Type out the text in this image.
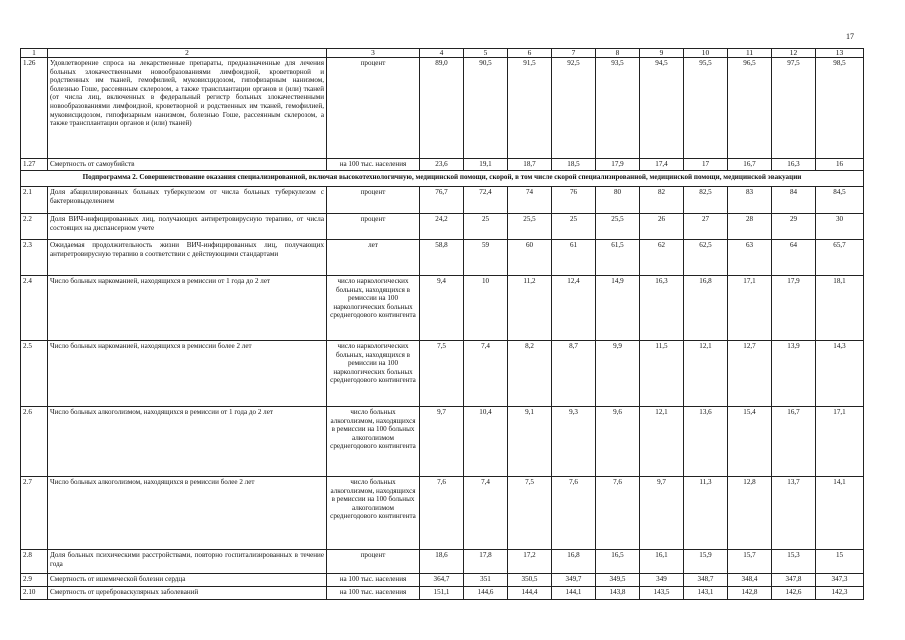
17
1	2	3	4	5	6	7	8	9	10	11	12	13
1.26	Удовлетворение спроса на лекарственные препараты, предназначенные для лечения больных злокачественными новообразованиями лимфоидной, кроветворной и родственных им тканей, гемофилией, муковисцидозом, гипофизарным нанизмом, болезнью Гоше, рассеянным склерозом, а также трансплантации органов и (или) тканей (от числа лиц, включенных в федеральный регистр больных злокачественными новообразованиями лимфоидной, кроветворной и родственных им тканей, гемофилией, муковисцидозом, гипофизарным нанизмом, болезнью Гоше, рассеянным склерозом, а также трансплантации органов и (или) тканей)	процент	89,0	90,5	91,5	92,5	93,5	94,5	95,5	96,5	97,5	98,5
1.27	Смертность от самоубийств	на 100 тыс. населения	23,6	19,1	18,7	18,5	17,9	17,4	17	16,7	16,3	16
Подпрограмма 2. Совершенствование оказания специализированной, включая высокотехнологичную, медицинской помощи, скорой, в том числе скорой специализированной, медицинской помощи, медицинской эвакуации												
2.1	Доля абациллированных больных туберкулезом от числа больных туберкулезом с бактериовыделением	процент	76,7	72,4	74	76	80	82	82,5	83	84	84,5
2.2	Доля ВИЧ-инфицированных лиц, получающих антиретровирусную терапию, от числа состоящих на диспансерном учете	процент	24,2	25	25,5	25	25,5	26	27	28	29	30
2.3	Ожидаемая продолжительность жизни ВИЧ-инфицированных лиц, получающих антиретровирусную терапию в соответствии с действующими стандартами	лет	58,8	59	60	61	61,5	62	62,5	63	64	65,7
2.4	Число больных наркоманией, находящихся в ремиссии от 1 года до 2 лет	число наркологических больных, находящихся в ремиссии на 100 наркологических больных среднегодового контингента	9,4	10	11,2	12,4	14,9	16,3	16,8	17,1	17,9	18,1
2.5	Число больных наркоманией, находящихся в ремиссии более 2 лет	число наркологических больных, находящихся в ремиссии на 100 наркологических больных среднегодового контингента	7,5	7,4	8,2	8,7	9,9	11,5	12,1	12,7	13,9	14,3
2.6	Число больных алкоголизмом, находящихся в ремиссии от 1 года до 2 лет	число больных алкоголизмом, находящихся в ремиссии на 100 больных алкоголизмом среднегодового контингента	9,7	10,4	9,1	9,3	9,6	12,1	13,6	15,4	16,7	17,1
2.7	Число больных алкоголизмом, находящихся в ремиссии более 2 лет	число больных алкоголизмом, находящихся в ремиссии на 100 больных алкоголизмом среднегодового контингента	7,6	7,4	7,5	7,6	7,6	9,7	11,3	12,8	13,7	14,1
2.8	Доля больных психическими расстройствами, повторно госпитализированных в течение года	процент	18,6	17,8	17,2	16,8	16,5	16,1	15,9	15,7	15,3	15
2.9	Смертность от ишемической болезни сердца	на 100 тыс. населения	364,7	351	350,5	349,7	349,5	349	348,7	348,4	347,8	347,3
2.10	Смертность от цереброваскулярных заболеваний	на 100 тыс. населения	151,1	144,6	144,4	144,1	143,8	143,5	143,1	142,8	142,6	142,3
